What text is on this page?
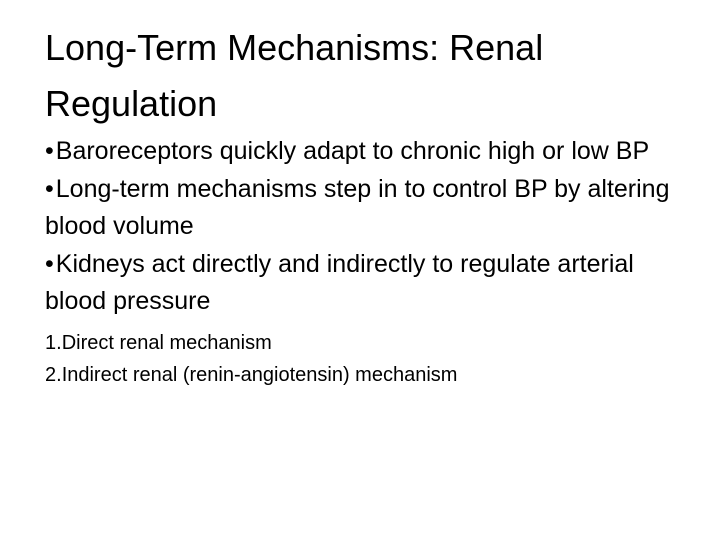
Long-Term Mechanisms: Renal Regulation

•Baroreceptors quickly adapt to chronic high or low BP

•Long-term mechanisms step in to control BP by altering blood volume

•Kidneys act directly and indirectly to regulate arterial blood pressure

1.Direct renal mechanism
2.Indirect renal (renin-angiotensin) mechanism
